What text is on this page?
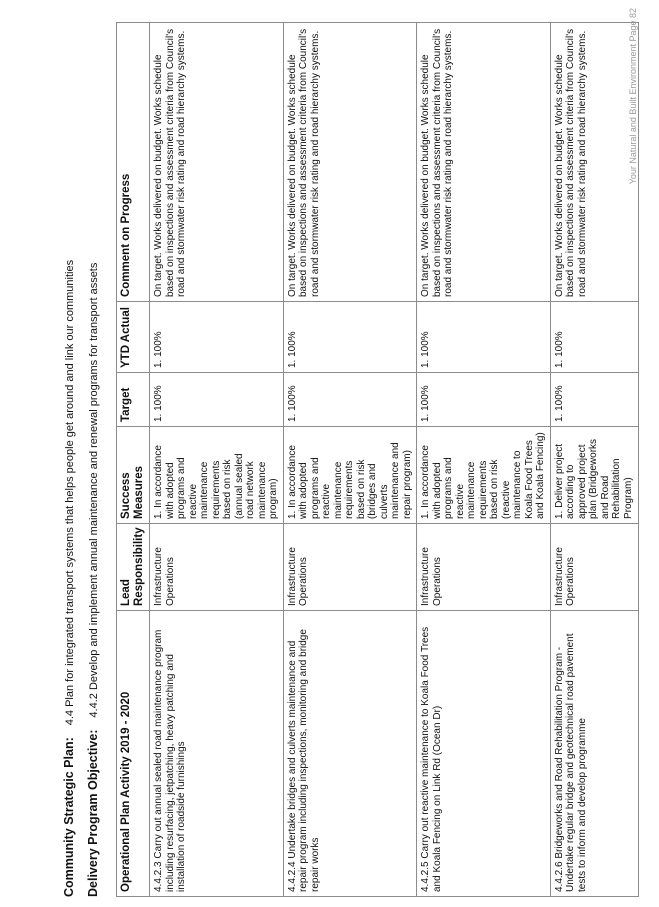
Community Strategic Plan:4.4 Plan for integrated transport systems that helps people get around and link our communities
Delivery Program Objective:4.4.2 Develop and implement annual maintenance and renewal programs for transport assets
Operational Plan Activity 2019 - 2020	Lead Responsibility	Success Measures	Target	YTD Actual	Comment on Progress
4.4.2.3 Carry out annual sealed road maintenance program including resurfacing, jetpatching, heavy patching and installation of roadside furnishings	Infrastructure Operations	1. In accordance with adopted programs and reactive maintenance requirements based on risk (annual sealed road network maintenance program)	1. 100%	1. 100%	On target. Works delivered on budget. Works schedule based on inspections and assessment criteria from Council's road and stormwater risk rating and road hierarchy systems.
4.4.2.4 Undertake bridges and culverts maintenance and repair program including inspections, monitoring and bridge repair works	Infrastructure Operations	1. In accordance with adopted programs and reactive maintenance requirements based on risk (bridges and culverts maintenance and repair program)	1. 100%	1. 100%	On target. Works delivered on budget. Works schedule based on inspections and assessment criteria from Council's road and stormwater risk rating and road hierarchy systems.
4.4.2.5 Carry out reactive maintenance to Koala Food Trees and Koala Fencing on Link Rd (Ocean Dr)	Infrastructure Operations	1. In accordance with adopted programs and reactive maintenance requirements based on risk (reactive maintenance to Koala Food Trees and Koala Fencing)	1. 100%	1. 100%	On target. Works delivered on budget. Works schedule based on inspections and assessment criteria from Council's road and stormwater risk rating and road hierarchy systems.
4.4.2.6 Bridgeworks and Road Rehabilitation Program - Undertake regular bridge and geotechnical road pavement tests to inform and develop programme	Infrastructure Operations	1. Deliver project according to approved project plan (Bridgeworks and Road Rehabilitation Program)	1. 100%	1. 100%	On target. Works delivered on budget. Works schedule based on inspections and assessment criteria from Council's road and stormwater risk rating and road hierarchy systems.	Your Natural and Built Environment Page 82
